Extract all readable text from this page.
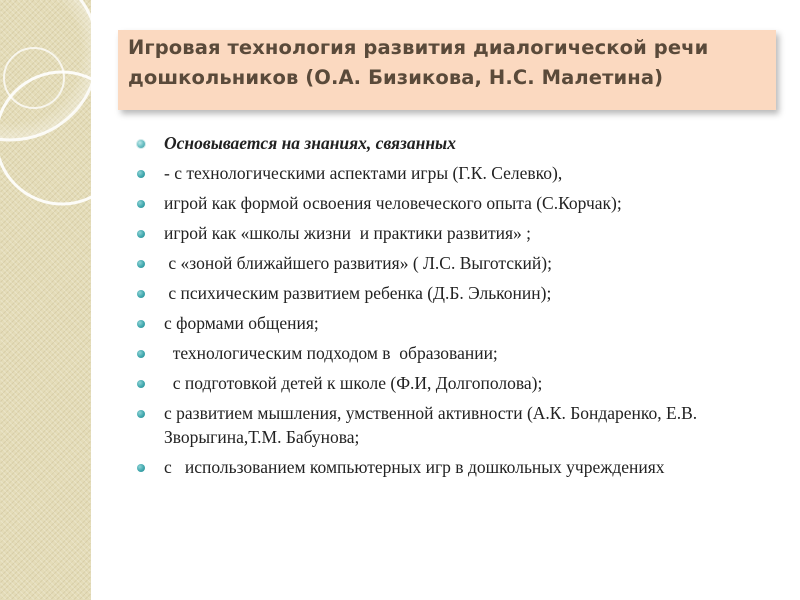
Игровая технология развития диалогической речи дошкольников (О.А. Бизикова, Н.С. Малетина)
Основывается на знаниях, связанных
- с технологическими аспектами игры (Г.К. Селевко),
игрой как формой освоения человеческого опыта (С.Корчак);
игрой как «школы жизни  и практики развития» ;
с «зоной ближайшего развития» ( Л.С. Выготский);
с психическим развитием ребенка (Д.Б. Эльконин);
с формами общения;
технологическим подходом в  образовании;
с подготовкой детей к школе (Ф.И, Долгополова);
с развитием мышления, умственной активности (А.К. Бондаренко, Е.В. Зворыгина,Т.М. Бабунова;
с   использованием компьютерных игр в дошкольных учреждениях
